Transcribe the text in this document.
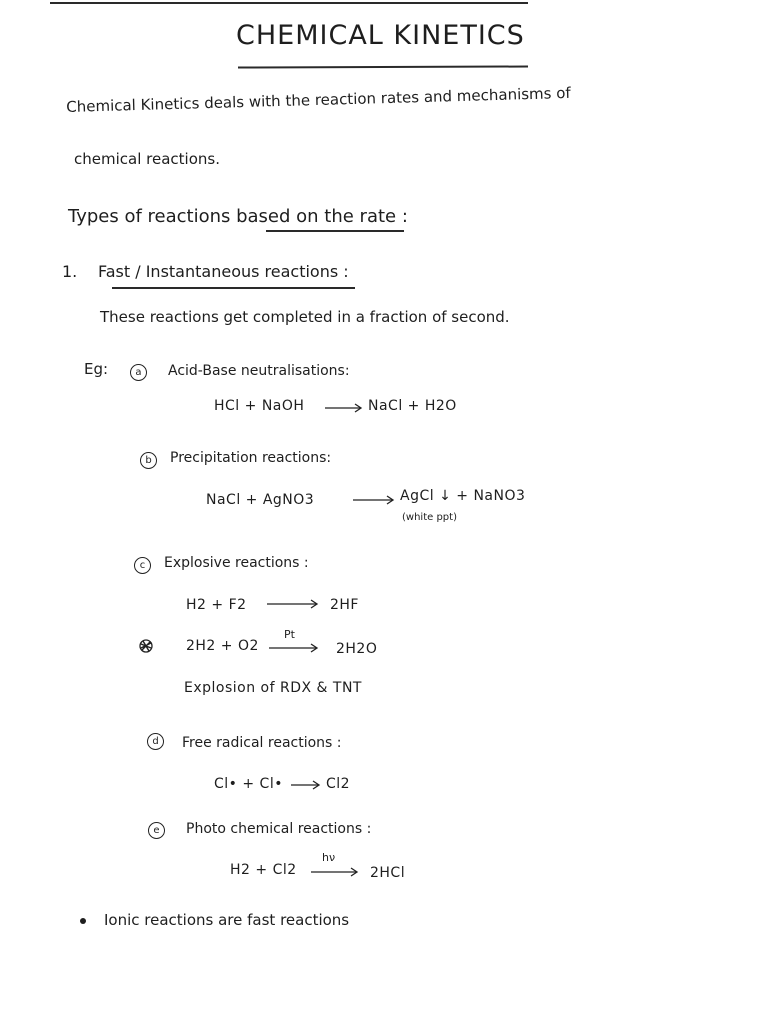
CHEMICAL KINETICS
Chemical Kinetics deals with the reaction rates and mechanisms of
chemical reactions.
Types of reactions based on the rate :
1. Fast / Instantaneous reactions :
These reactions get completed in a fraction of second.
Eg:	a	Acid-Base neutralisations:
HCl + NaOH	NaCl + H2O
b	Precipitation reactions:
NaCl + AgNO3	AgCl ↓ + NaNO3
(white ppt)
c	Explosive reactions :
H2 + F2	2HF
2H2 + O2
Pt
2H2O
Explosion of RDX & TNT
d	Free radical reactions :
Cl• + Cl•	Cl2
e	Photo chemical reactions :
H2 + Cl2
hν
2HCl
Ionic reactions are fast reactions
